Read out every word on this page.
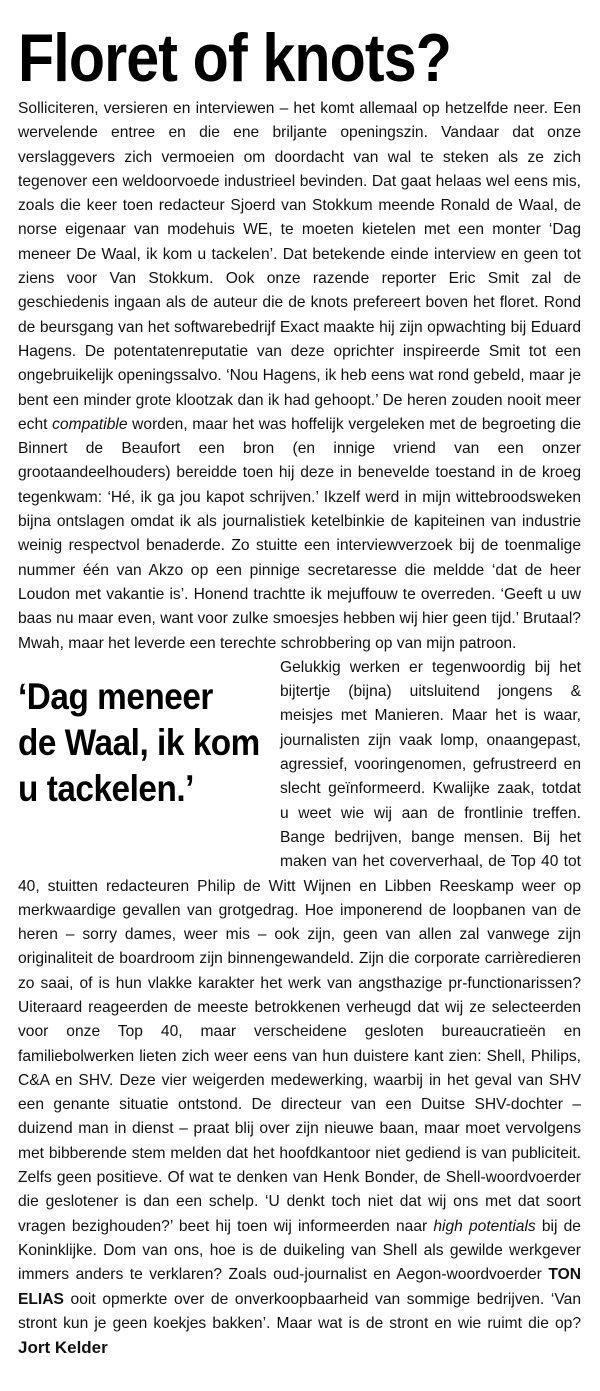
Floret of knots?

Solliciteren, versieren en interviewen – het komt allemaal op hetzelfde neer. Een wervelende entree en die ene briljante openingszin. Vandaar dat onze verslaggevers zich vermoeien om doordacht van wal te steken als ze zich tegenover een weldoorvoede industrieel bevinden. Dat gaat helaas wel eens mis, zoals die keer toen redacteur Sjoerd van Stokkum meende Ronald de Waal, de norse eigenaar van modehuis WE, te moeten kietelen met een monter ‘Dag meneer De Waal, ik kom u tackelen’. Dat betekende einde interview en geen tot ziens voor Van Stokkum. Ook onze razende reporter Eric Smit zal de geschiedenis ingaan als de auteur die de knots prefereert boven het floret. Rond de beursgang van het softwarebedrijf Exact maakte hij zijn opwachting bij Eduard Hagens. De potentatenreputatie van deze oprichter inspireerde Smit tot een ongebruikelijk openingssalvo. ‘Nou Hagens, ik heb eens wat rond gebeld, maar je bent een minder grote klootzak dan ik had gehoopt.’ De heren zouden nooit meer echt compatible worden, maar het was hoffelijk vergeleken met de begroeting die Binnert de Beaufort een bron (en innige vriend van een onzer grootaandeelhouders) bereidde toen hij deze in benevelde toestand in de kroeg tegenkwam: ‘Hé, ik ga jou kapot schrijven.’ Ikzelf werd in mijn wittebroodsweken bijna ontslagen omdat ik als journalistiek ketelbinkie de kapiteinen van industrie weinig respectvol benaderde. Zo stuitte een interviewverzoek bij de toenmalige nummer één van Akzo op een pinnige secretaresse die meldde ‘dat de heer Loudon met vakantie is’. Honend trachtte ik mejuffouw te overreden. ‘Geeft u uw baas nu maar even, want voor zulke smoesjes hebben wij hier geen tijd.’ Brutaal? Mwah, maar het leverde een terechte schrobbering op van mijn patroon.

‘Dag meneer
de Waal, ik kom
u tackelen.’

Gelukkig werken er tegenwoordig bij het bijtertje (bijna) uitsluitend jongens & meisjes met Manieren. Maar het is waar, journalisten zijn vaak lomp, onaangepast, agressief, vooringenomen, gefrustreerd en slecht geïnformeerd. Kwalijke zaak, totdat u weet wie wij aan de frontlinie treffen. Bange bedrijven, bange mensen. Bij het maken van het coververhaal, de Top 40 tot 40, stuitten redacteuren Philip de Witt Wijnen en Libben Reeskamp weer op merkwaardige gevallen van grotgedrag. Hoe imponerend de loopbanen van de heren – sorry dames, weer mis – ook zijn, geen van allen zal vanwege zijn originaliteit de boardroom zijn binnengewandeld. Zijn die corporate carrièredieren zo saai, of is hun vlakke karakter het werk van angsthazige pr-functionarissen? Uiteraard reageerden de meeste betrokkenen verheugd dat wij ze selecteerden voor onze Top 40, maar verscheidene gesloten bureaucratieën en familiebolwerken lieten zich weer eens van hun duistere kant zien: Shell, Philips, C&A en SHV. Deze vier weigerden medewerking, waarbij in het geval van SHV een genante situatie ontstond. De directeur van een Duitse SHV-dochter – duizend man in dienst – praat blij over zijn nieuwe baan, maar moet vervolgens met bibberende stem melden dat het hoofdkantoor niet gediend is van publiciteit. Zelfs geen positieve. Of wat te denken van Henk Bonder, de Shell-woordvoerder die geslotener is dan een schelp. ‘U denkt toch niet dat wij ons met dat soort vragen bezighouden?’ beet hij toen wij informeerden naar high potentials bij de Koninklijke. Dom van ons, hoe is de duikeling van Shell als gewilde werkgever immers anders te verklaren? Zoals oud-journalist en Aegon-woordvoerder TON ELIAS ooit opmerkte over de onverkoopbaarheid van sommige bedrijven. ‘Van stront kun je geen koekjes bakken’. Maar wat is de stront en wie ruimt die op? Jort Kelder
